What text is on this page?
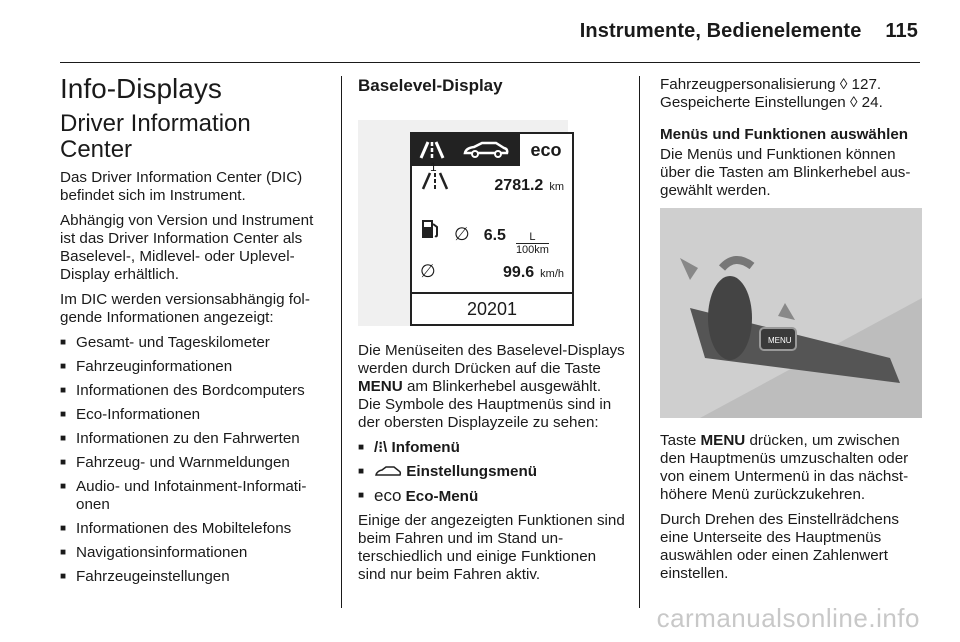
Instrumente, Bedienelemente 115
Info-Displays
Driver Information Center

Das Driver Information Center (DIC) befindet sich im Instrument.

Abhängig von Version und Instrument ist das Driver Information Center als Baselevel-, Midlevel- oder Uplevel-Display erhältlich.

Im DIC werden versionsabhängig folgende Informationen angezeigt:

■ Gesamt- und Tageskilometer
■ Fahrzeuginformationen
■ Informationen des Bordcomputers
■ Eco-Informationen
■ Informationen zu den Fahrwerten
■ Fahrzeug- und Warnmeldungen
■ Audio- und Infotainment-Informationen
■ Informationen des Mobiltelefons
■ Navigationsinformationen
■ Fahrzeugeinstellungen
Baselevel-Display
eco
1
2781.2 km
∅ 6.5	L
100km
∅	99.6 km/h
20201

Die Menüseiten des Baselevel-Displays werden durch Drücken auf die Taste MENU am Blinkerhebel ausgewählt. Die Symbole des Hauptmenüs sind in der obersten Displayzeile zu sehen:

■ /⁝\ Infomenü
■ Einstellungsmenü
■ eco Eco-Menü

Einige der angezeigten Funktionen sind beim Fahren und im Stand unterschiedlich und einige Funktionen sind nur beim Fahren aktiv.

Fahrzeugpersonalisierung ◊ 127.

Gespeicherte Einstellungen ◊ 24.

Menüs und Funktionen auswählen

Die Menüs und Funktionen können über die Tasten am Blinkerhebel ausgewählt werden.

MENU

Taste MENU drücken, um zwischen den Hauptmenüs umzuschalten oder von einem Untermenü in das nächsthöhere Menü zurückzukehren.

Durch Drehen des Einstellrädchens eine Unterseite des Hauptmenüs auswählen oder einen Zahlenwert einstellen.

carmanualsonline.info
